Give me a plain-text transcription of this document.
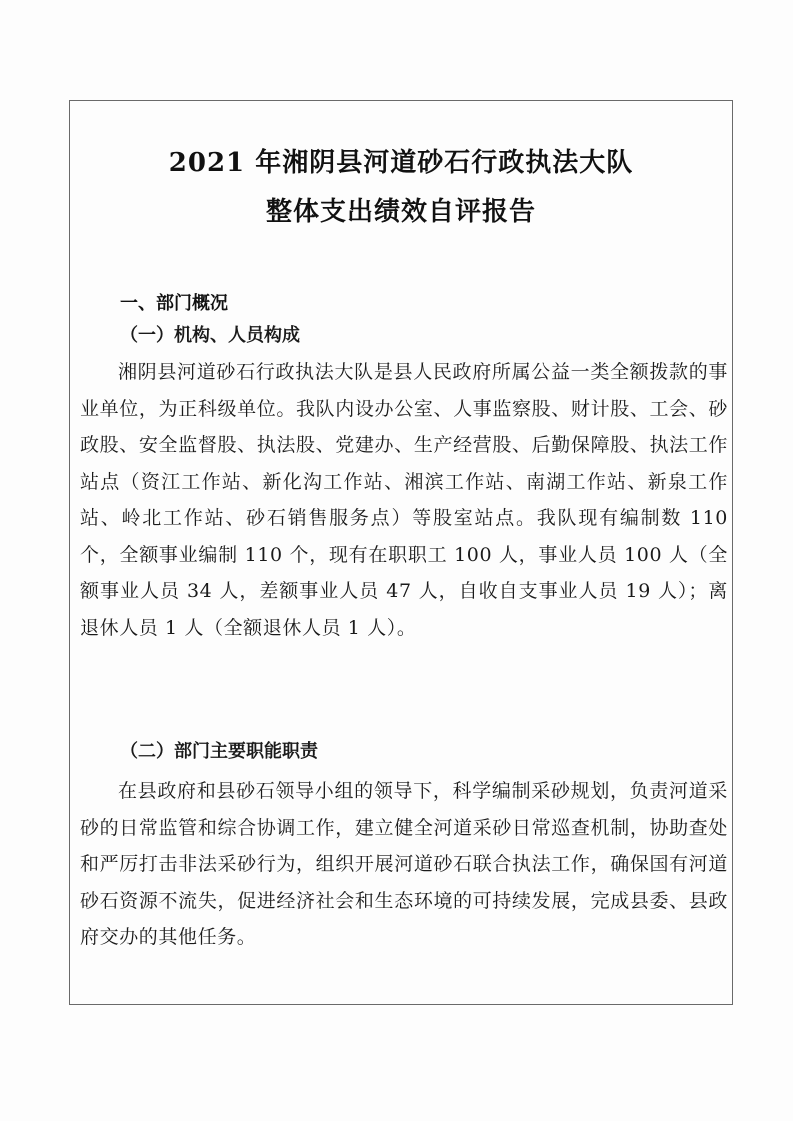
2021 年湘阴县河道砂石行政执法大队
整体支出绩效自评报告
一、部门概况
（一）机构、人员构成

湘阴县河道砂石行政执法大队是县人民政府所属公益一类全额拨款的事业单位，为正科级单位。我队内设办公室、人事监察股、财计股、工会、砂政股、安全监督股、执法股、党建办、生产经营股、后勤保障股、执法工作站点（资江工作站、新化沟工作站、湘滨工作站、南湖工作站、新泉工作站、岭北工作站、砂石销售服务点）等股室站点。我队现有编制数 110 个，全额事业编制 110 个，现有在职职工 100 人，事业人员 100 人（全额事业人员 34 人，差额事业人员 47 人，自收自支事业人员 19 人）；离退休人员 1 人（全额退休人员 1 人）。

（二）部门主要职能职责

在县政府和县砂石领导小组的领导下，科学编制采砂规划，负责河道采砂的日常监管和综合协调工作，建立健全河道采砂日常巡查机制，协助查处和严厉打击非法采砂行为，组织开展河道砂石联合执法工作，确保国有河道砂石资源不流失，促进经济社会和生态环境的可持续发展，完成县委、县政府交办的其他任务。
